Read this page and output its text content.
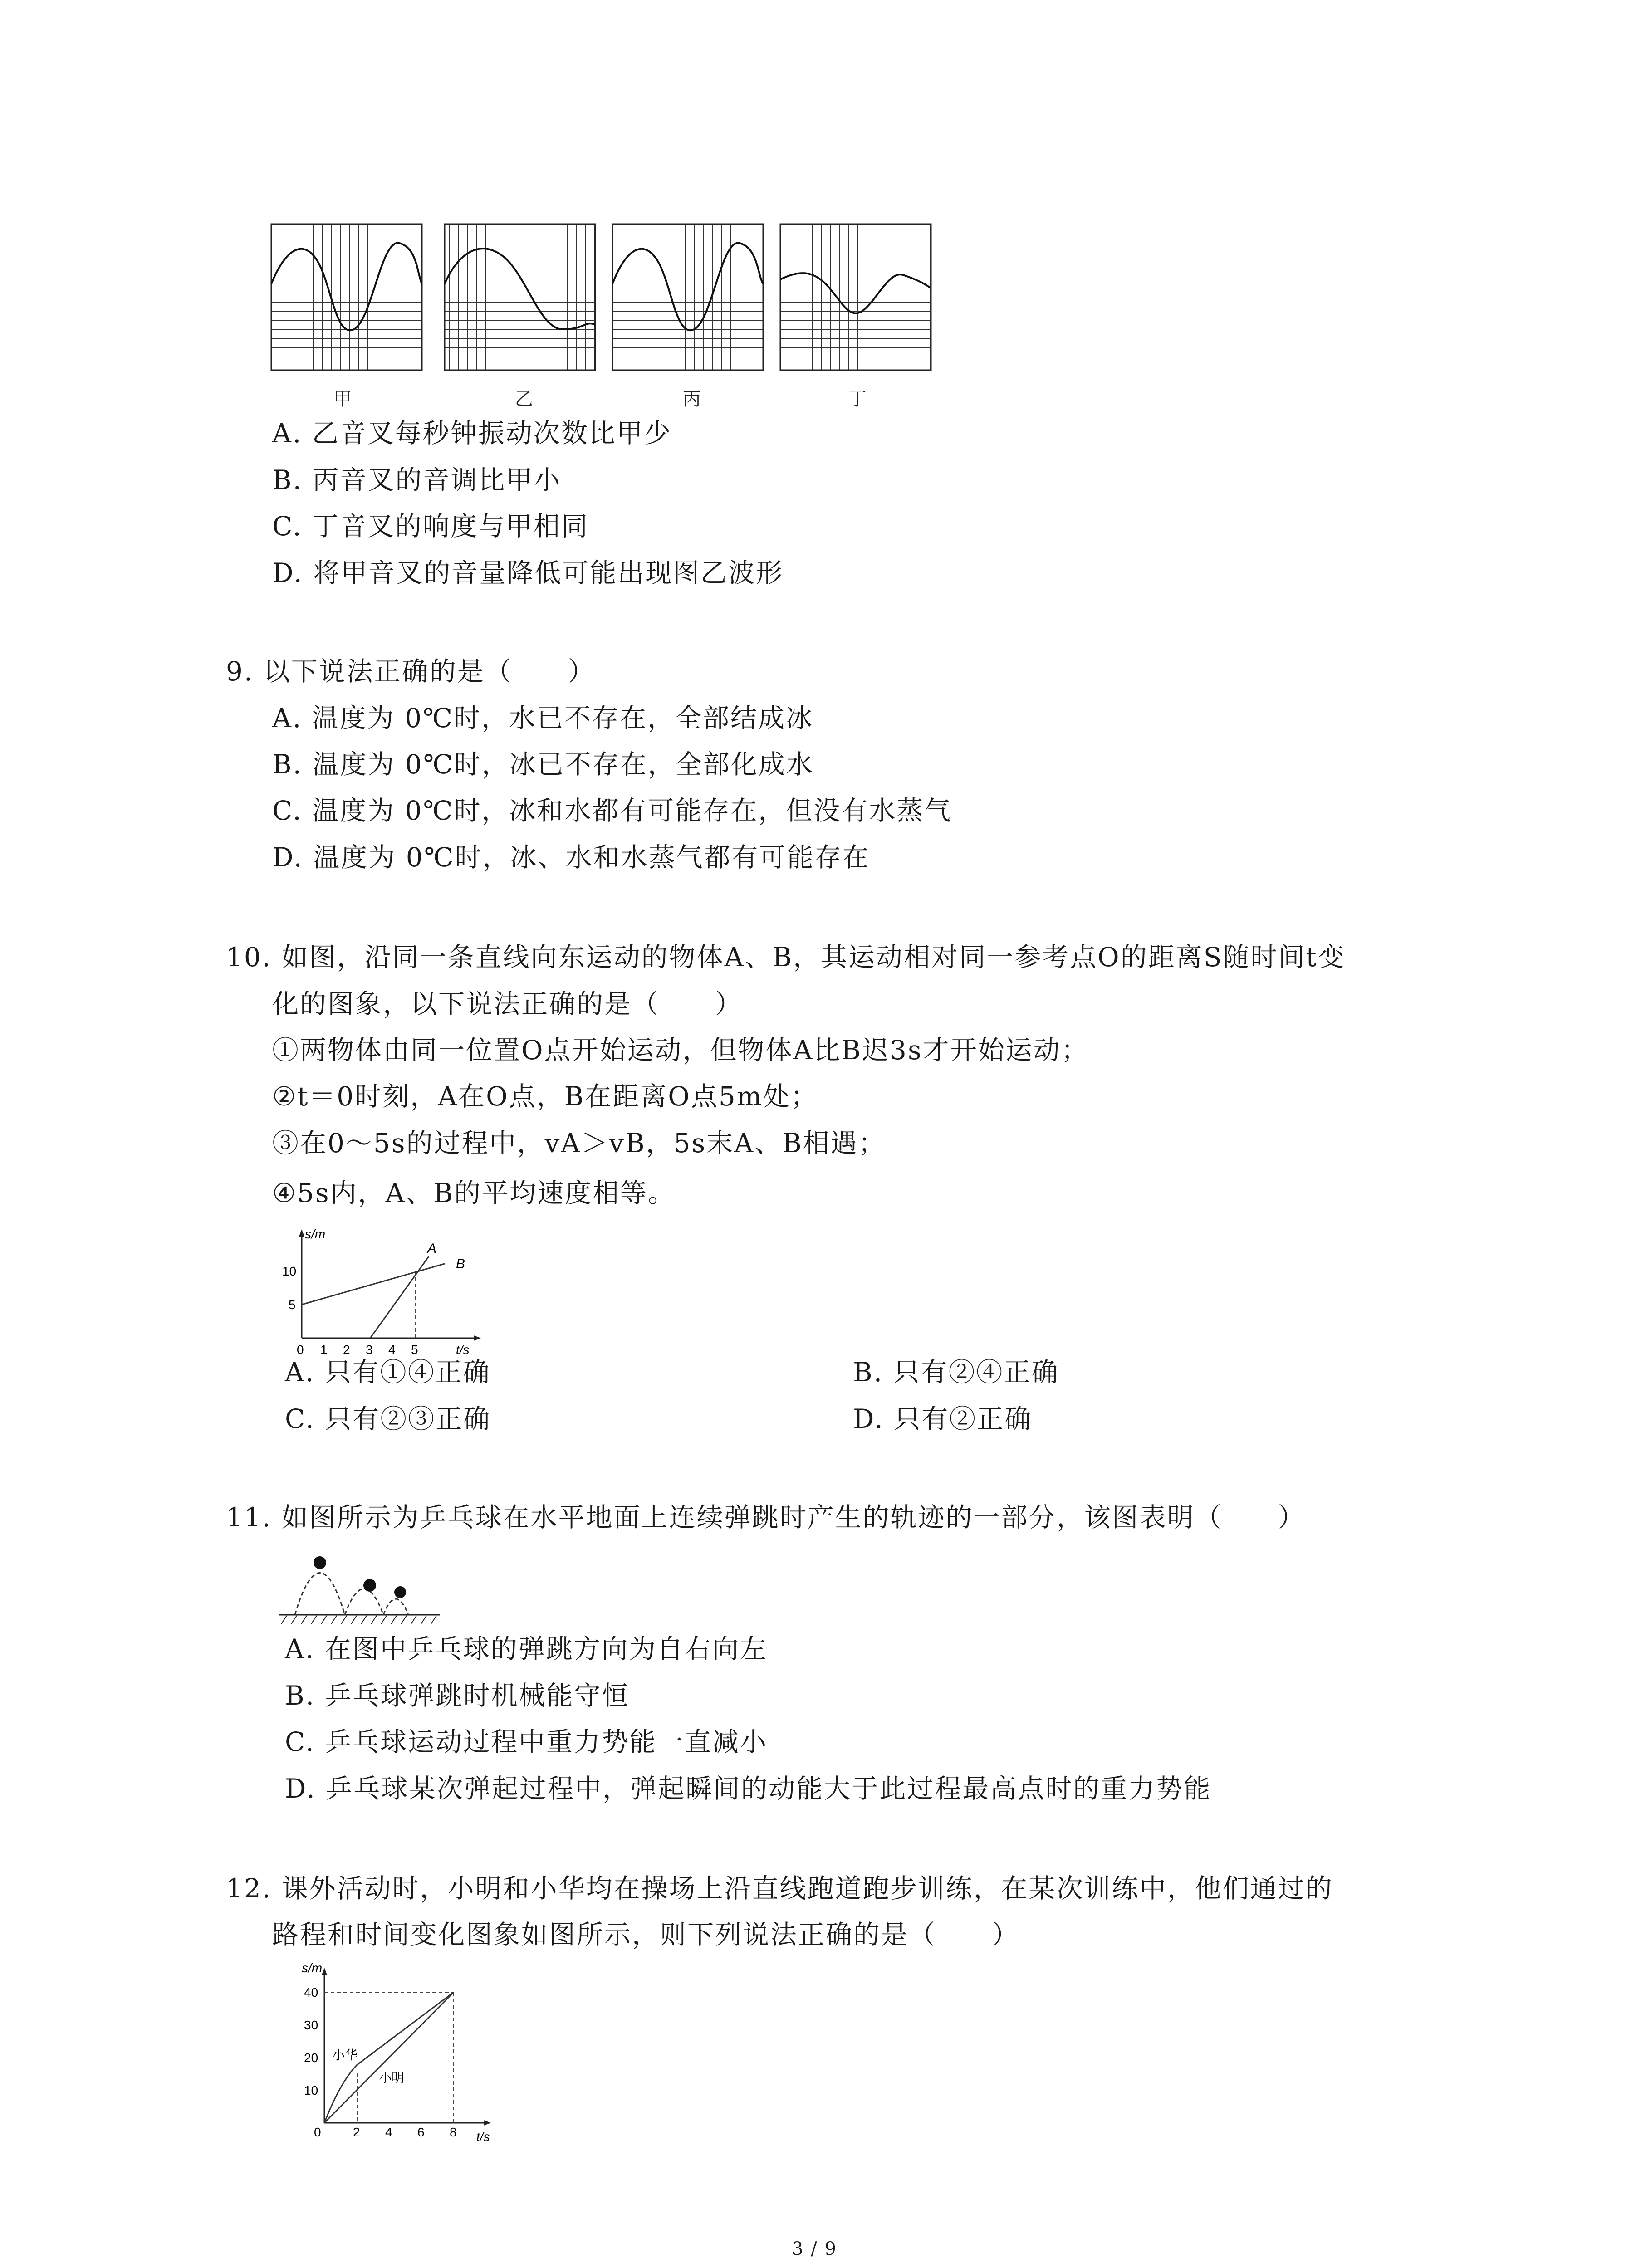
甲	乙	丙	丁
A. 乙音叉每秒钟振动次数比甲少
B. 丙音叉的音调比甲小
C. 丁音叉的响度与甲相同
D. 将甲音叉的音量降低可能出现图乙波形
9. 以下说法正确的是（　　）
A. 温度为 0℃时，水已不存在，全部结成冰
B. 温度为 0℃时，冰已不存在，全部化成水
C. 温度为 0℃时，冰和水都有可能存在，但没有水蒸气
D. 温度为 0℃时，冰、水和水蒸气都有可能存在
10. 如图，沿同一条直线向东运动的物体A、B，其运动相对同一参考点O的距离S随时间t变
化的图象，以下说法正确的是（　　）
①两物体由同一位置O点开始运动，但物体A比B迟3s才开始运动；
②t＝0时刻，A在O点，B在距离O点5m处；
③在0～5s的过程中，vA＞vB，5s末A、B相遇；
④5s内，A、B的平均速度相等。
s/m
t/s
10
5
0 1 2 3 4 5
A
B
A. 只有①④正确	B. 只有②④正确
C. 只有②③正确	D. 只有②正确
11. 如图所示为乒乓球在水平地面上连续弹跳时产生的轨迹的一部分，该图表明（　　）
A. 在图中乒乓球的弹跳方向为自右向左
B. 乒乓球弹跳时机械能守恒
C. 乒乓球运动过程中重力势能一直减小
D. 乒乓球某次弹起过程中，弹起瞬间的动能大于此过程最高点时的重力势能
12. 课外活动时，小明和小华均在操场上沿直线跑道跑步训练，在某次训练中，他们通过的
路程和时间变化图象如图所示，则下列说法正确的是（　　）
s/m
t/s
40
30
20
10
0	2 4 6 8
小华
小明
3 / 9
